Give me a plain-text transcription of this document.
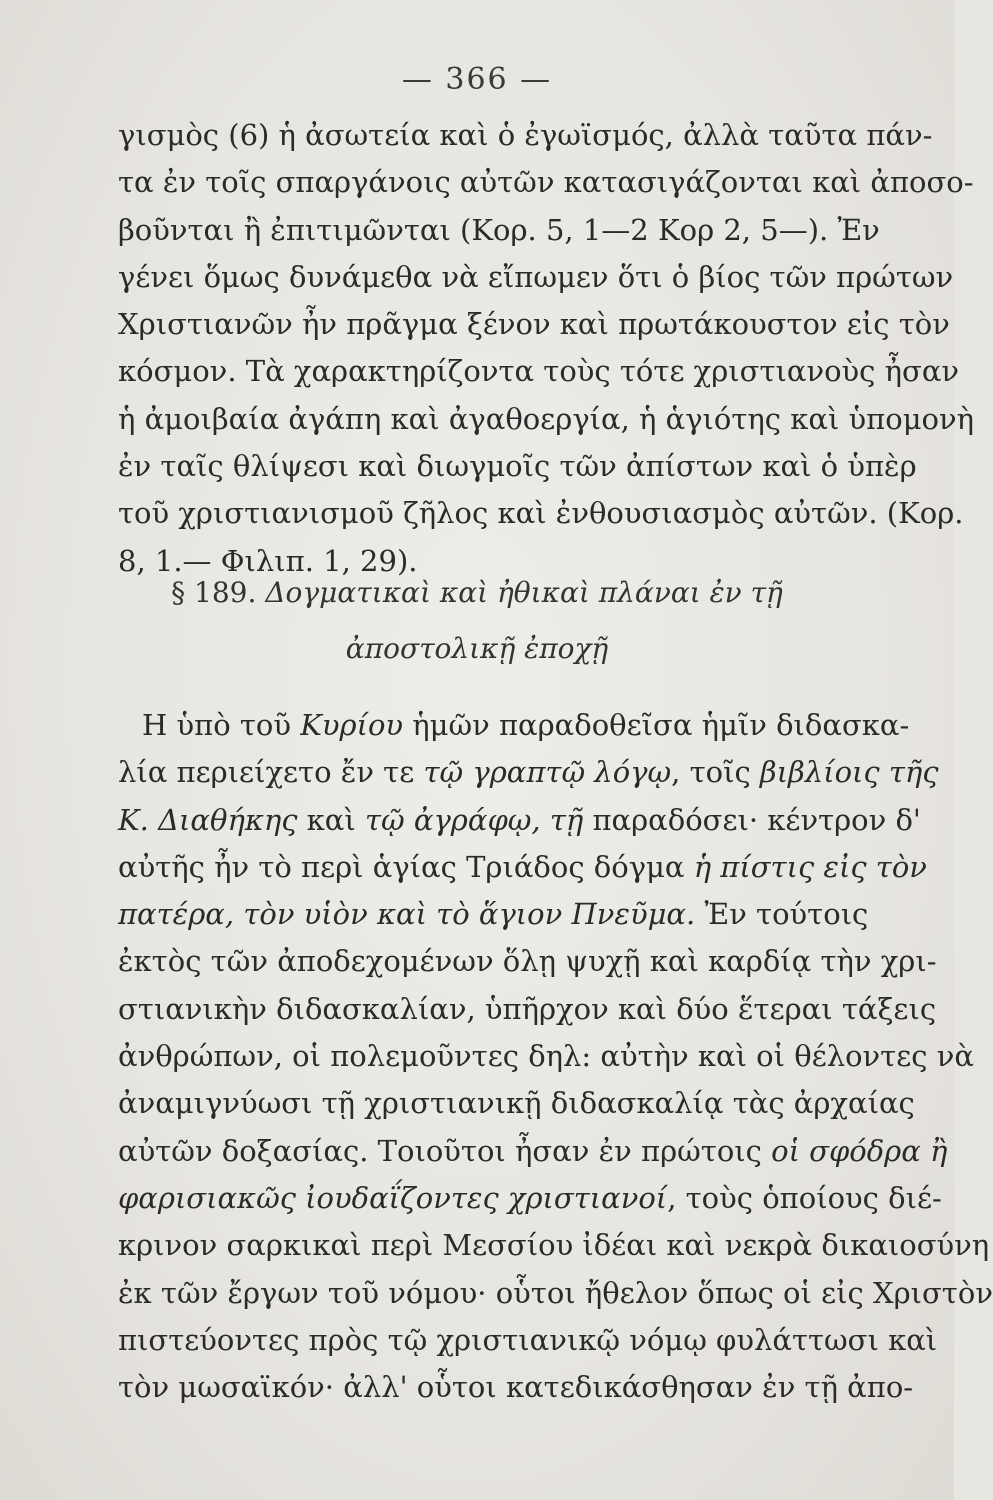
— 366 —
γισμὸς (6) ἡ ἀσωτεία καὶ ὁ ἐγωϊσμός, ἀλλὰ ταῦτα πάν-
τα ἐν τοῖς σπαργάνοις αὐτῶν κατασιγάζονται καὶ ἀποσο-
βοῦνται ἢ ἐπιτιμῶνται (Κορ. 5, 1—2 Κορ 2, 5—). Ἐν
γένει ὅμως δυνάμεθα νὰ εἴπωμεν ὅτι ὁ βίος τῶν πρώτων
Χριστιανῶν ἦν πρᾶγμα ξένον καὶ πρωτάκουστον εἰς τὸν
κόσμον. Τὰ χαρακτηρίζοντα τοὺς τότε χριστιανοὺς ἦσαν
ἡ ἀμοιβαία ἀγάπη καὶ ἀγαθοεργία, ἡ ἁγιότης καὶ ὑπομονὴ
ἐν ταῖς θλίψεσι καὶ διωγμοῖς τῶν ἀπίστων καὶ ὁ ὑπὲρ
τοῦ χριστιανισμοῦ ζῆλος καὶ ἐνθουσιασμὸς αὐτῶν. (Κορ.
8, 1.— Φιλιπ. 1, 29).
§ 189. Δογματικαὶ καὶ ἠθικαὶ πλάναι ἐν τῇ
ἀποστολικῇ ἐποχῇ
Η ὑπὸ τοῦ Κυρίου ἡμῶν παραδοθεῖσα ἡμῖν διδασκα-
λία περιείχετο ἔν τε τῷ γραπτῷ λόγῳ, τοῖς βιβλίοις τῆς
Κ. Διαθήκης καὶ τῷ ἀγράφῳ, τῇ παραδόσει· κέντρον δ'
αὐτῆς ἦν τὸ περὶ ἁγίας Τριάδος δόγμα ἡ πίστις εἰς τὸν
πατέρα, τὸν υἱὸν καὶ τὸ ἅγιον Πνεῦμα. Ἐν τούτοις
ἐκτὸς τῶν ἀποδεχομένων ὅλῃ ψυχῇ καὶ καρδίᾳ τὴν χρι-
στιανικὴν διδασκαλίαν, ὑπῆρχον καὶ δύο ἕτεραι τάξεις
ἀνθρώπων, οἱ πολεμοῦντες δηλ: αὐτὴν καὶ οἱ θέλοντες νὰ
ἀναμιγνύωσι τῇ χριστιανικῇ διδασκαλίᾳ τὰς ἀρχαίας
αὐτῶν δοξασίας. Τοιοῦτοι ἦσαν ἐν πρώτοις οἱ σφόδρα ἢ
φαρισιακῶς ἰουδαΐζοντες χριστιανοί, τοὺς ὁποίους διέ-
κρινον σαρκικαὶ περὶ Μεσσίου ἰδέαι καὶ νεκρὰ δικαιοσύνη
ἐκ τῶν ἔργων τοῦ νόμου· οὗτοι ἤθελον ὅπως οἱ εἰς Χριστὸν
πιστεύοντες πρὸς τῷ χριστιανικῷ νόμῳ φυλάττωσι καὶ
τὸν μωσαϊκόν· ἀλλ' οὗτοι κατεδικάσθησαν ἐν τῇ ἀπο-
